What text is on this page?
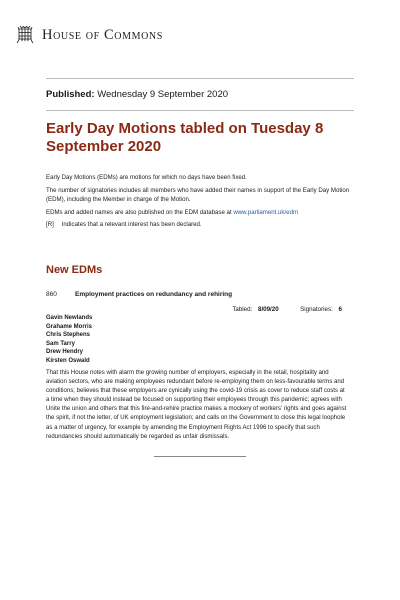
House of Commons
Published: Wednesday 9 September 2020
Early Day Motions tabled on Tuesday 8 September 2020
Early Day Motions (EDMs) are motions for which no days have been fixed.
The number of signatories includes all members who have added their names in support of the Early Day Motion (EDM), including the Member in charge of the Motion.
EDMs and added names are also published on the EDM database at www.parliament.uk/edm
[R] Indicates that a relevant interest has been declared.
New EDMs
860	Employment practices on redundancy and rehiring
Tabled: 8/09/20	Signatories: 6
Gavin Newlands
Grahame Morris
Chris Stephens
Sam Tarry
Drew Hendry
Kirsten Oswald
That this House notes with alarm the growing number of employers, especially in the retail, hospitality and aviation sectors, who are making employees redundant before re-employing them on less-favourable terms and conditions; believes that these employers are cynically using the covid-19 crisis as cover to reduce staff costs at a time when they should instead be focused on supporting their employees through this pandemic; agrees with Unite the union and others that this fire-and-rehire practice makes a mockery of workers' rights and goes against the spirit, if not the letter, of UK employment legislation; and calls on the Government to close this legal loophole as a matter of urgency, for example by amending the Employment Rights Act 1996 to specify that such redundancies should automatically be regarded as unfair dismissals.
